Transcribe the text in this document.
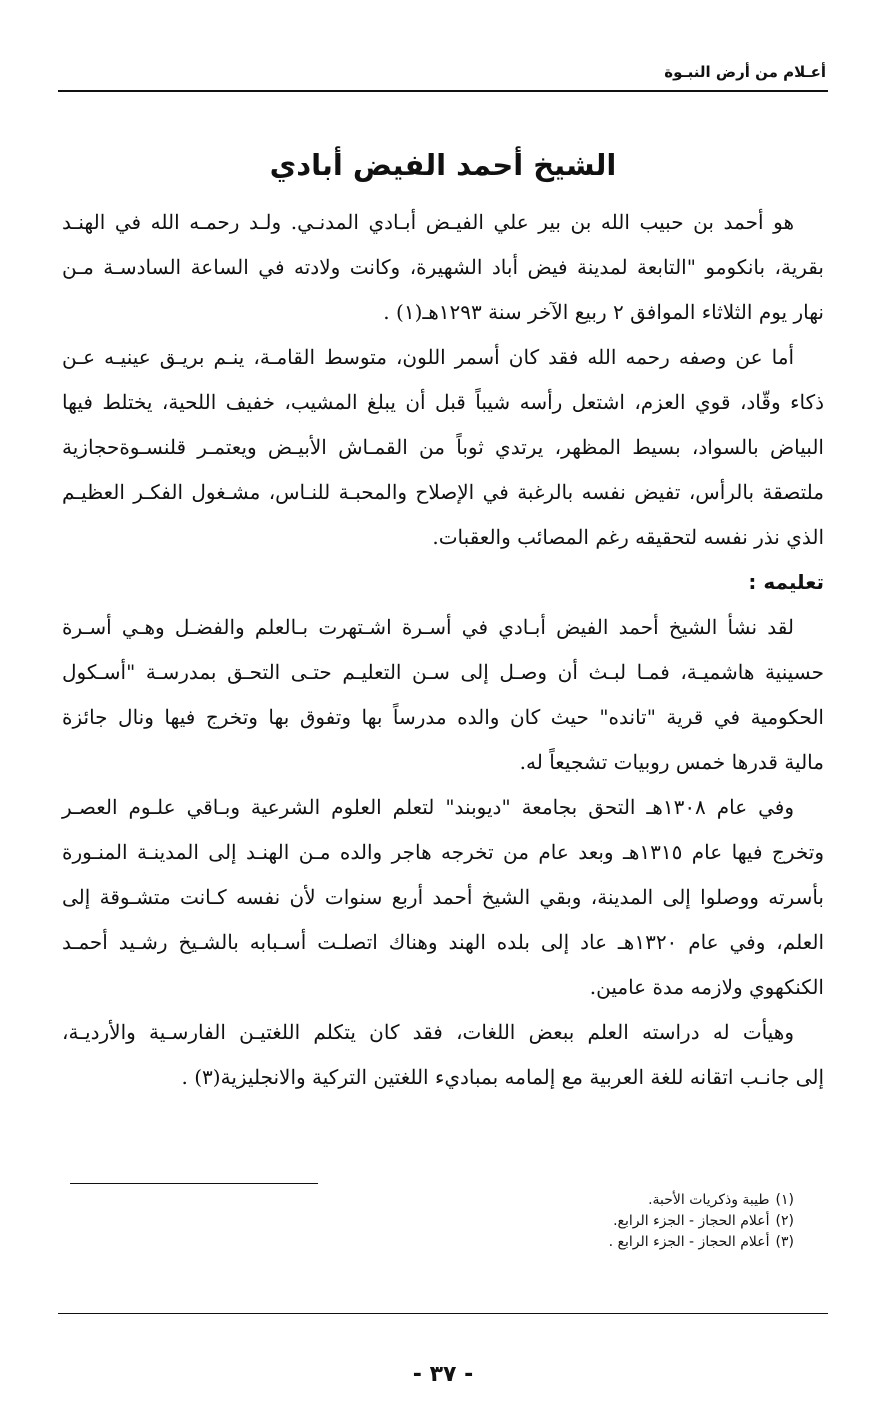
أعـلام من أرض النبـوة
الشيخ أحمد الفيض أبادي

هو أحمد بن حبيب الله بن بير علي الفيـض أبـادي المدنـي. ولـد رحمـه الله في الهنـد
بقرية، بانكومو "التابعة لمدينة فيض أباد الشهيرة، وكانت ولادته في الساعة السادسـة مـن
نهار يوم الثلاثاء الموافق ٢ ربيع الآخر سنة ١٢٩٣هـ(١) .

أما عن وصفه رحمه الله فقد كان أسمر اللون، متوسط القامـة، ينـم بريـق عينيـه عـن
ذكاء وقّاد، قوي العزم، اشتعل رأسه شيباً قبل أن يبلغ المشيب، خفيف اللحية، يختلط فيها
البياض بالسواد، بسيط المظهر، يرتدي ثوباً من القمـاش الأبيـض ويعتمـر قلنسـوةحجازية
ملتصقة بالرأس، تفيض نفسه بالرغبة في الإصلاح والمحبـة للنـاس، مشـغول الفكـر العظيـم
الذي نذر نفسه لتحقيقه رغم المصائب والعقبات.

تعليمه :

لقد نشأ الشيخ أحمد الفيض أبـادي في أسـرة اشـتهرت بـالعلم والفضـل وهـي أسـرة
حسينية هاشميـة، فمـا لبـث أن وصـل إلى سـن التعليـم حتـى التحـق بمدرسـة "أسـكول
الحكومية في قرية "تانده" حيث كان والده مدرساً بها وتفوق بها وتخرج فيها ونال جائزة
مالية قدرها خمس روبيات تشجيعاً له.

وفي عام ١٣٠٨هـ التحق بجامعة "ديوبند" لتعلم العلوم الشرعية وبـاقي علـوم العصـر
وتخرج فيها عام ١٣١٥هـ وبعد عام من تخرجه هاجر والده مـن الهنـد إلى المدينـة المنـورة
بأسرته ووصلوا إلى المدينة، وبقي الشيخ أحمد أربع سنوات لأن نفسه كـانت متشـوقة إلى
العلم، وفي عام ١٣٢٠هـ عاد إلى بلده الهند وهناك اتصلـت أسـبابه بالشـيخ رشـيد أحمـد
الكنكهوي ولازمه مدة عامين.

وهيأت له دراسته العلم ببعض اللغات، فقد كان يتكلم اللغتيـن الفارسـية والأرديـة،
إلى جانـب اتقانه للغة العربية مع إلمامه بمباديء اللغتين التركية والانجليزية(٣) .

(١)طيبة وذكريات الأحبة.
(٢)أعلام الحجاز - الجزء الرابع.
(٣)أعلام الحجاز - الجزء الرابع .
- ٣٧ -
